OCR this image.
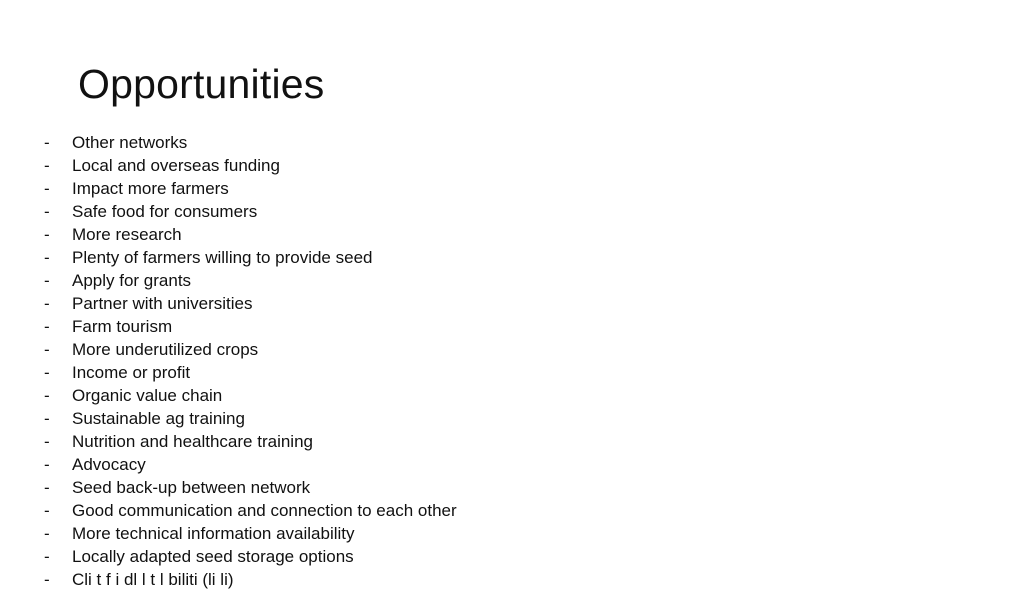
Opportunities
-	Other networks
-	Local and overseas funding
-	Impact more farmers
-	Safe food for consumers
-	More research
-	Plenty of farmers willing to provide seed
-	Apply for grants
-	Partner with universities
-	Farm tourism
-	More underutilized crops
-	Income or profit
-	Organic value chain
-	Sustainable ag training
-	Nutrition and healthcare training
-	Advocacy
-	Seed back-up between network
-	Good communication and connection to each other
-	More technical information availability
-	Locally adapted seed storage options
-	Cli t f i dl l t l biliti (li li)
